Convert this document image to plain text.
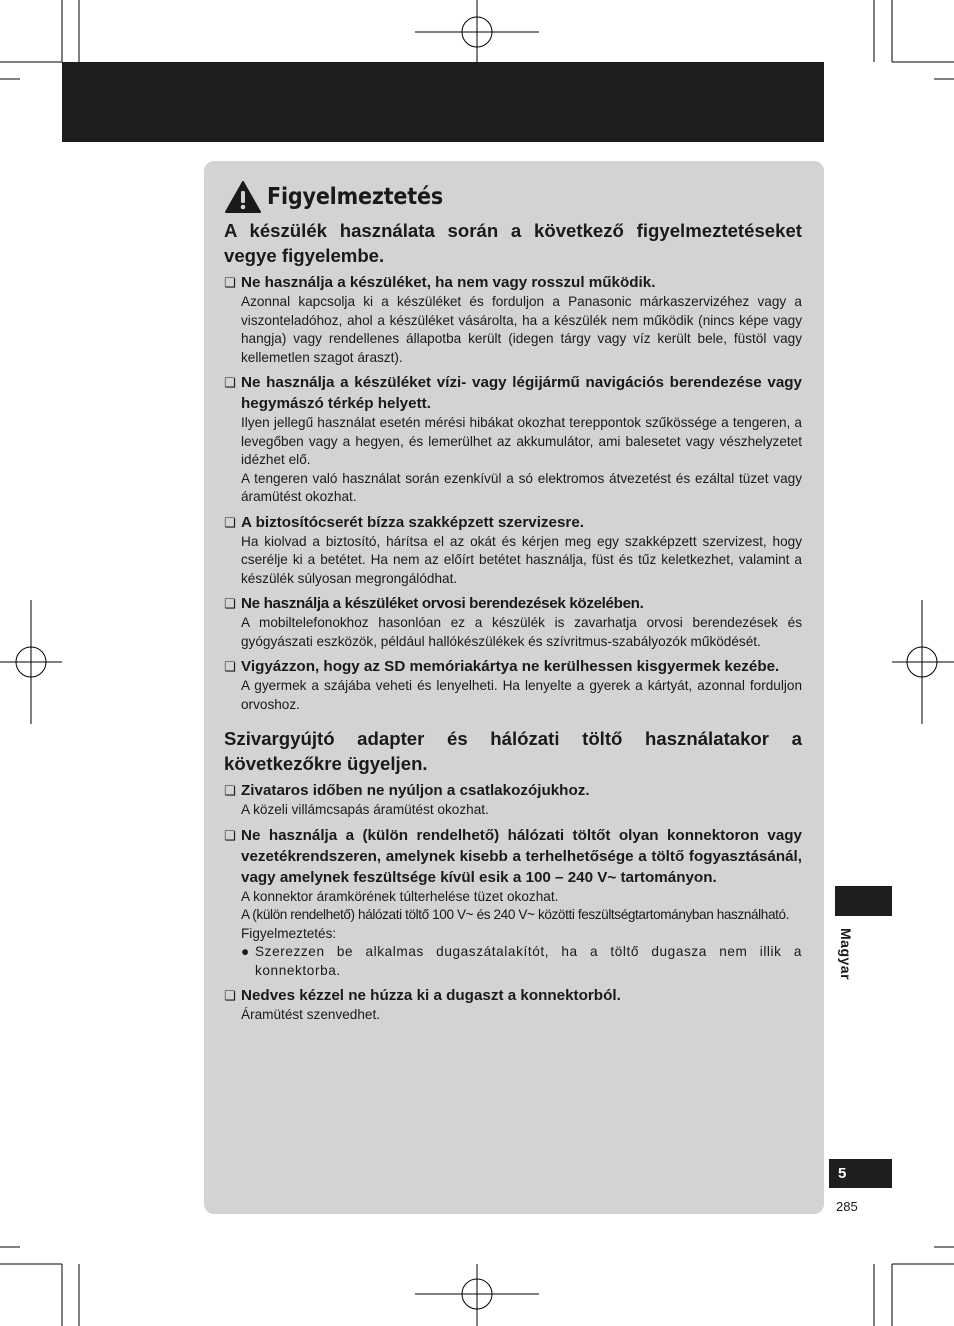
Figyelmeztetés
A készülék használata során a következő figyelmeztetéseket vegye figyelembe.
❏ Ne használja a készüléket, ha nem vagy rosszul működik.
Azonnal kapcsolja ki a készüléket és forduljon a Panasonic márkaszervizéhez vagy a viszonteladóhoz, ahol a készüléket vásárolta, ha a készülék nem működik (nincs képe vagy hangja) vagy rendellenes állapotba került (idegen tárgy vagy víz került bele, füstöl vagy kellemetlen szagot áraszt).
❏ Ne használja a készüléket vízi- vagy légijármű navigációs berendezése vagy hegymászó térkép helyett.
Ilyen jellegű használat esetén mérési hibákat okozhat tereppontok szűkössége a tengeren, a levegőben vagy a hegyen, és lemerülhet az akkumulátor, ami balesetet vagy vészhelyzetet idézhet elő.
A tengeren való használat során ezenkívül a só elektromos átvezetést és ezáltal tüzet vagy áramütést okozhat.
❏ A biztosítócserét bízza szakképzett szervizesre.
Ha kiolvad a biztosító, hárítsa el az okát és kérjen meg egy szakképzett szervizest, hogy cserélje ki a betétet. Ha nem az előírt betétet használja, füst és tűz keletkezhet, valamint a készülék súlyosan megrongálódhat.
❏ Ne használja a készüléket orvosi berendezések közelében.
A mobiltelefonokhoz hasonlóan ez a készülék is zavarhatja orvosi berendezések és gyógyászati eszközök, például hallókészülékek és szívritmus-szabályozók működését.
❏ Vigyázzon, hogy az SD memóriakártya ne kerülhessen kisgyermek kezébe.
A gyermek a szájába veheti és lenyelheti. Ha lenyelte a gyerek a kártyát, azonnal forduljon orvoshoz.
Szivargyújtó adapter és hálózati töltő használatakor a következőkre ügyeljen.
❏ Zivataros időben ne nyúljon a csatlakozójukhoz.
A közeli villámcsapás áramütést okozhat.
❏ Ne használja a (külön rendelhető) hálózati töltőt olyan konnektoron vagy vezetékrendszeren, amelynek kisebb a terhelhetősége a töltő fogyasztásánál, vagy amelynek feszültsége kívül esik a 100 – 240 V~ tartományon.
A konnektor áramkörének túlterhelése tüzet okozhat.
A (külön rendelhető) hálózati töltő 100 V~ és 240 V~ közötti feszültségtartományban használható.
Figyelmeztetés:
● Szerezzen be alkalmas dugaszátalakítót, ha a töltő dugasza nem illik a konnektorba.
❏ Nedves kézzel ne húzza ki a dugaszt a konnektorból.
Áramütést szenvedhet.
Magyar
5
285
